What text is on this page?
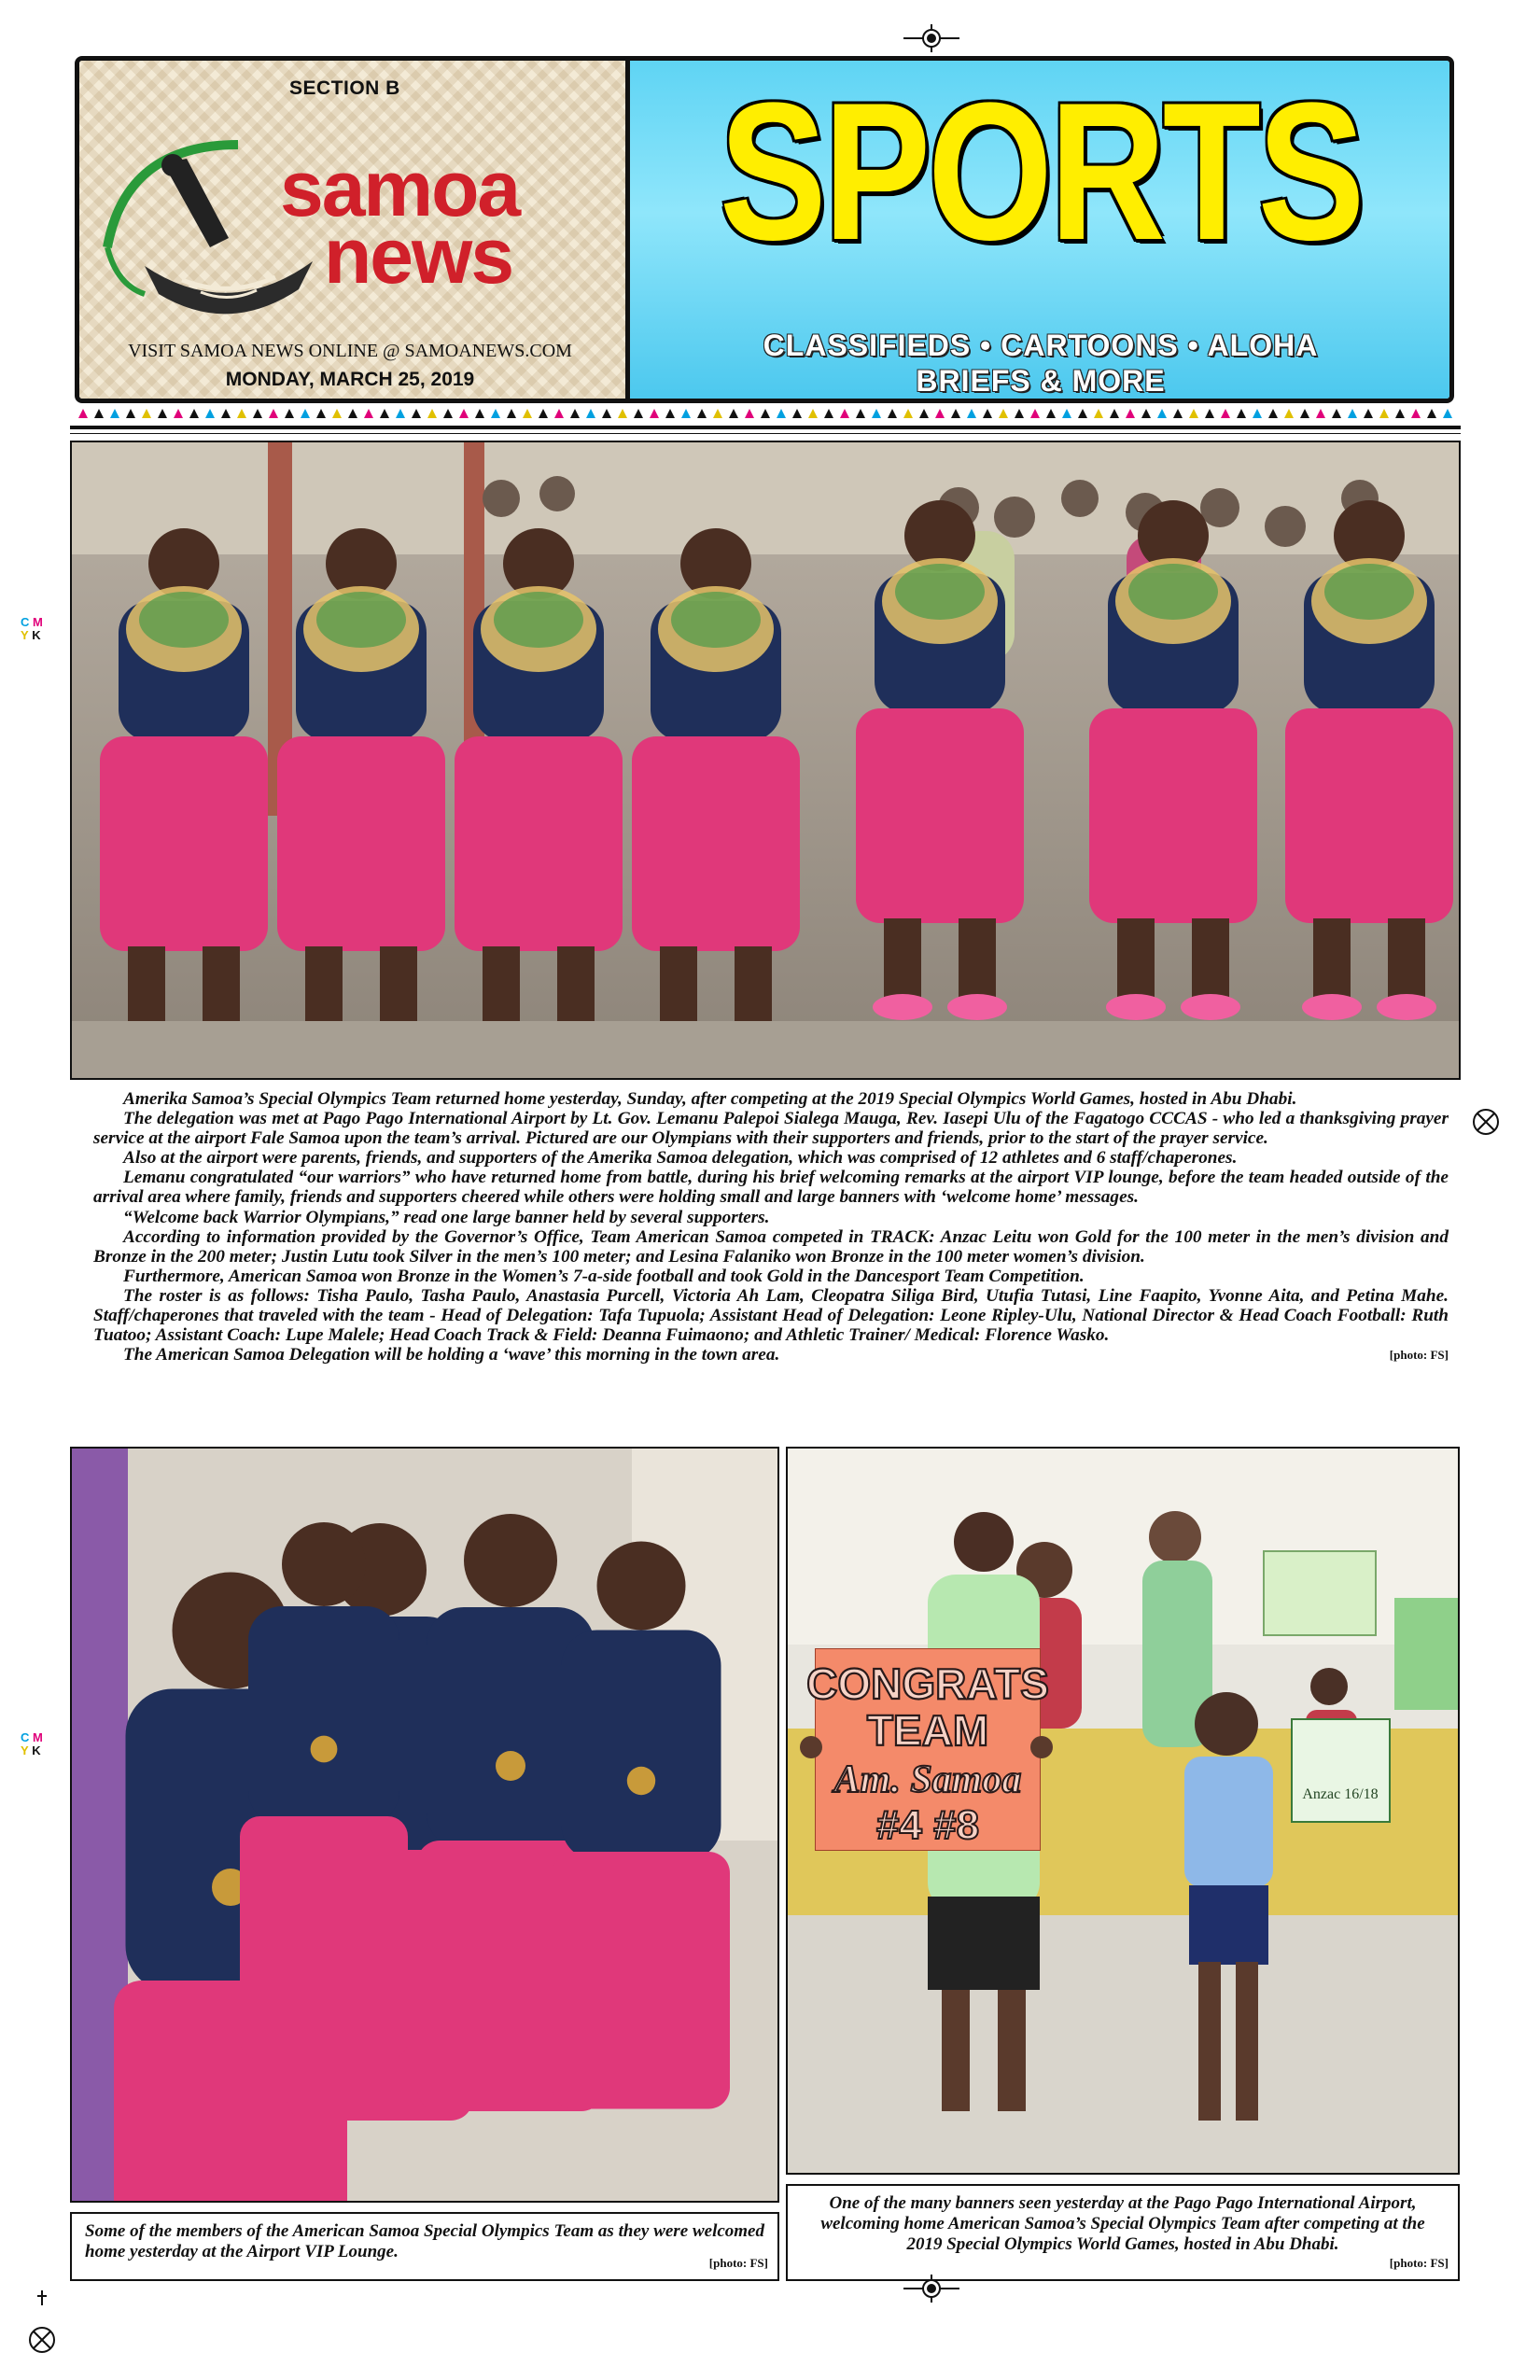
C M
Y K
C M
Y K
SECTION B
samoa
news
VISIT SAMOA NEWS ONLINE @ SAMOANEWS.COM
MONDAY, MARCH 25, 2019
SPORTS
CLASSIFIEDS • CARTOONS • ALOHA
BRIEFS & MORE

Amerika Samoa’s Special Olympics Team returned home yesterday, Sunday, after competing at the 2019 Special Olympics World Games, hosted in Abu Dhabi.

The delegation was met at Pago Pago International Airport by Lt. Gov. Lemanu Palepoi Sialega Mauga, Rev. Iasepi Ulu of the Fagatogo CCCAS - who led a thanksgiving prayer service at the airport Fale Samoa upon the team’s arrival. Pictured are our Olympians with their supporters and friends, prior to the start of the prayer service.

Also at the airport were parents, friends, and supporters of the Amerika Samoa delegation, which was comprised of 12 athletes and 6 staff/chaperones.

Lemanu congratulated “our warriors” who have returned home from battle, during his brief welcoming remarks at the airport VIP lounge, before the team headed outside of the arrival area where family, friends and supporters cheered while others were holding small and large banners with ‘welcome home’ messages.

“Welcome back Warrior Olympians,” read one large banner held by several supporters.

According to information provided by the Governor’s Office, Team American Samoa competed in TRACK: Anzac Leitu won Gold for the 100 meter in the men’s division and Bronze in the 200 meter; Justin Lutu took Silver in the men’s 100 meter; and Lesina Falaniko won Bronze in the 100 meter women’s division.

Furthermore, American Samoa won Bronze in the Women’s 7-a-side football and took Gold in the Dancesport Team Competition.

The roster is as follows: Tisha Paulo, Tasha Paulo, Anastasia Purcell, Victoria Ah Lam, Cleopatra Siliga Bird, Utufia Tutasi, Line Faapito, Yvonne Aita, and Petina Mahe. Staff/chaperones that traveled with the team - Head of Delegation: Tafa Tupuola; Assistant Head of Delegation: Leone Ripley-Ulu, National Director & Head Coach Football: Ruth Tuatoo; Assistant Coach: Lupe Malele; Head Coach Track & Field: Deanna Fuimaono; and Athletic Trainer/ Medical: Florence Wasko.

The American Samoa Delegation will be holding a ‘wave’ this morning in the town area.	[photo: FS]

Some of the members of the American Samoa Special Olympics Team as they were welcomed home yesterday at the Airport VIP Lounge.
[photo: FS]
Anzac 16/18
CONGRATS
TEAM
Am. Samoa
#4 #8
One of the many banners seen yesterday at the Pago Pago International Airport, welcoming home American Samoa’s Special Olympics Team after competing at the 2019 Special Olympics World Games, hosted in Abu Dhabi.
[photo: FS]
